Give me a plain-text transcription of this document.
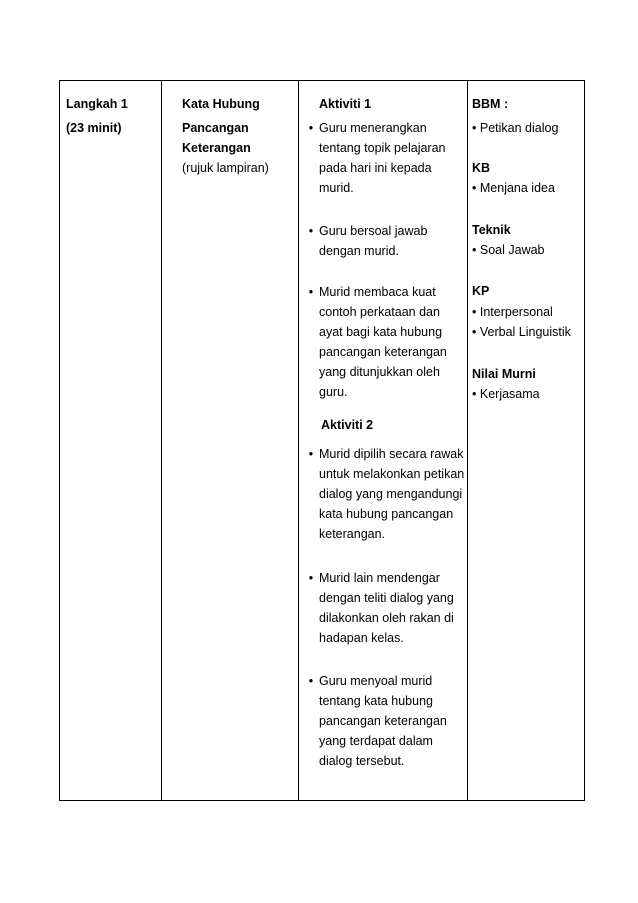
Langkah 1
(23 minit)
Kata Hubung
Pancangan
Keterangan
(rujuk lampiran)
Aktiviti 1
• Guru menerangkan
tentang topik pelajaran
pada hari ini kepada
murid.
• Guru bersoal jawab
dengan murid.
• Murid membaca kuat
contoh perkataan dan
ayat bagi kata hubung
pancangan keterangan
yang ditunjukkan oleh
guru.
Aktiviti 2
• Murid dipilih secara rawak
untuk melakonkan petikan
dialog yang mengandungi
kata hubung pancangan
keterangan.
• Murid lain mendengar
dengan teliti dialog yang
dilakonkan oleh rakan di
hadapan kelas.
• Guru menyoal murid
tentang kata hubung
pancangan keterangan
yang terdapat dalam
dialog tersebut.
BBM :
• Petikan dialog
KB
• Menjana idea
Teknik
• Soal Jawab
KP
• Interpersonal
• Verbal Linguistik
Nilai Murni
• Kerjasama
